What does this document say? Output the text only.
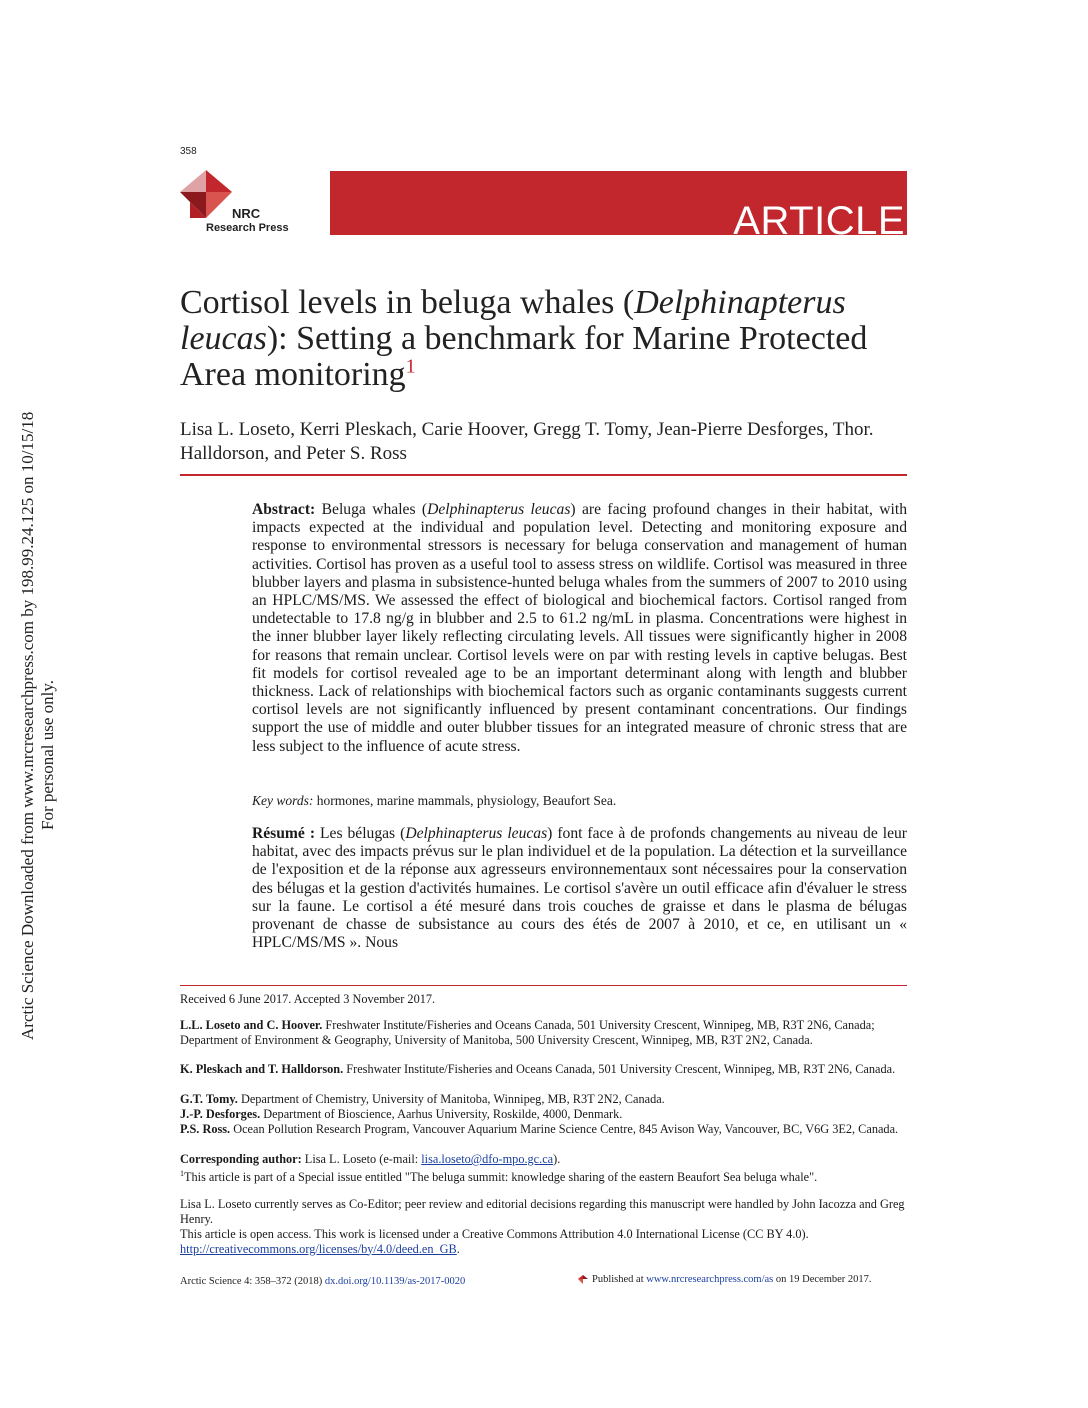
Arctic Science Downloaded from www.nrcresearchpress.com by 198.99.24.125 on 10/15/18 For personal use only.
358
NRC
Research Press	ARTICLE
Cortisol levels in beluga whales (Delphinapterus leucas): Setting a benchmark for Marine Protected Area monitoring$^1$
Lisa L. Loseto, Kerri Pleskach, Carie Hoover, Gregg T. Tomy, Jean-Pierre Desforges, Thor. Halldorson, and Peter S. Ross
Abstract: Beluga whales (Delphinapterus leucas) are facing profound changes in their habitat, with impacts expected at the individual and population level. Detecting and monitoring exposure and response to environmental stressors is necessary for beluga conservation and management of human activities. Cortisol has proven as a useful tool to assess stress on wildlife. Cortisol was measured in three blubber layers and plasma in subsistence-hunted beluga whales from the summers of 2007 to 2010 using an HPLC/MS/MS. We assessed the effect of biological and biochemical factors. Cortisol ranged from undetectable to 17.8 ng/g in blubber and 2.5 to 61.2 ng/mL in plasma. Concentrations were highest in the inner blubber layer likely reflecting circulating levels. All tissues were significantly higher in 2008 for reasons that remain unclear. Cortisol levels were on par with resting levels in captive belugas. Best fit models for cortisol revealed age to be an important determinant along with length and blubber thickness. Lack of relationships with biochemical factors such as organic contaminants suggests current cortisol levels are not significantly influenced by present contaminant concentrations. Our findings support the use of middle and outer blubber tissues for an integrated measure of chronic stress that are less subject to the influence of acute stress.
Key words: hormones, marine mammals, physiology, Beaufort Sea.
Résumé : Les bélugas (Delphinapterus leucas) font face à de profonds changements au niveau de leur habitat, avec des impacts prévus sur le plan individuel et de la population. La détection et la surveillance de l'exposition et de la réponse aux agresseurs environnementaux sont nécessaires pour la conservation des bélugas et la gestion d'activités humaines. Le cortisol s'avère un outil efficace afin d'évaluer le stress sur la faune. Le cortisol a été mesuré dans trois couches de graisse et dans le plasma de bélugas provenant de chasse de subsistance au cours des étés de 2007 à 2010, et ce, en utilisant un « HPLC/MS/MS ». Nous
Received 6 June 2017. Accepted 3 November 2017.
L.L. Loseto and C. Hoover. Freshwater Institute/Fisheries and Oceans Canada, 501 University Crescent, Winnipeg, MB, R3T 2N6, Canada; Department of Environment & Geography, University of Manitoba, 500 University Crescent, Winnipeg, MB, R3T 2N2, Canada.
K. Pleskach and T. Halldorson. Freshwater Institute/Fisheries and Oceans Canada, 501 University Crescent, Winnipeg, MB, R3T 2N6, Canada.
G.T. Tomy. Department of Chemistry, University of Manitoba, Winnipeg, MB, R3T 2N2, Canada.
J.-P. Desforges. Department of Bioscience, Aarhus University, Roskilde, 4000, Denmark.
P.S. Ross. Ocean Pollution Research Program, Vancouver Aquarium Marine Science Centre, 845 Avison Way, Vancouver, BC, V6G 3E2, Canada.
Corresponding author: Lisa L. Loseto (e-mail: lisa.loseto@dfo-mpo.gc.ca).
$^1$This article is part of a Special issue entitled "The beluga summit: knowledge sharing of the eastern Beaufort Sea beluga whale".
Lisa L. Loseto currently serves as Co-Editor; peer review and editorial decisions regarding this manuscript were handled by John Iacozza and Greg Henry.
This article is open access. This work is licensed under a Creative Commons Attribution 4.0 International License (CC BY 4.0). http://creativecommons.org/licenses/by/4.0/deed.en_GB.
Arctic Science 4: 358–372 (2018) dx.doi.org/10.1139/as-2017-0020	Published at www.nrcresearchpress.com/as on 19 December 2017.
